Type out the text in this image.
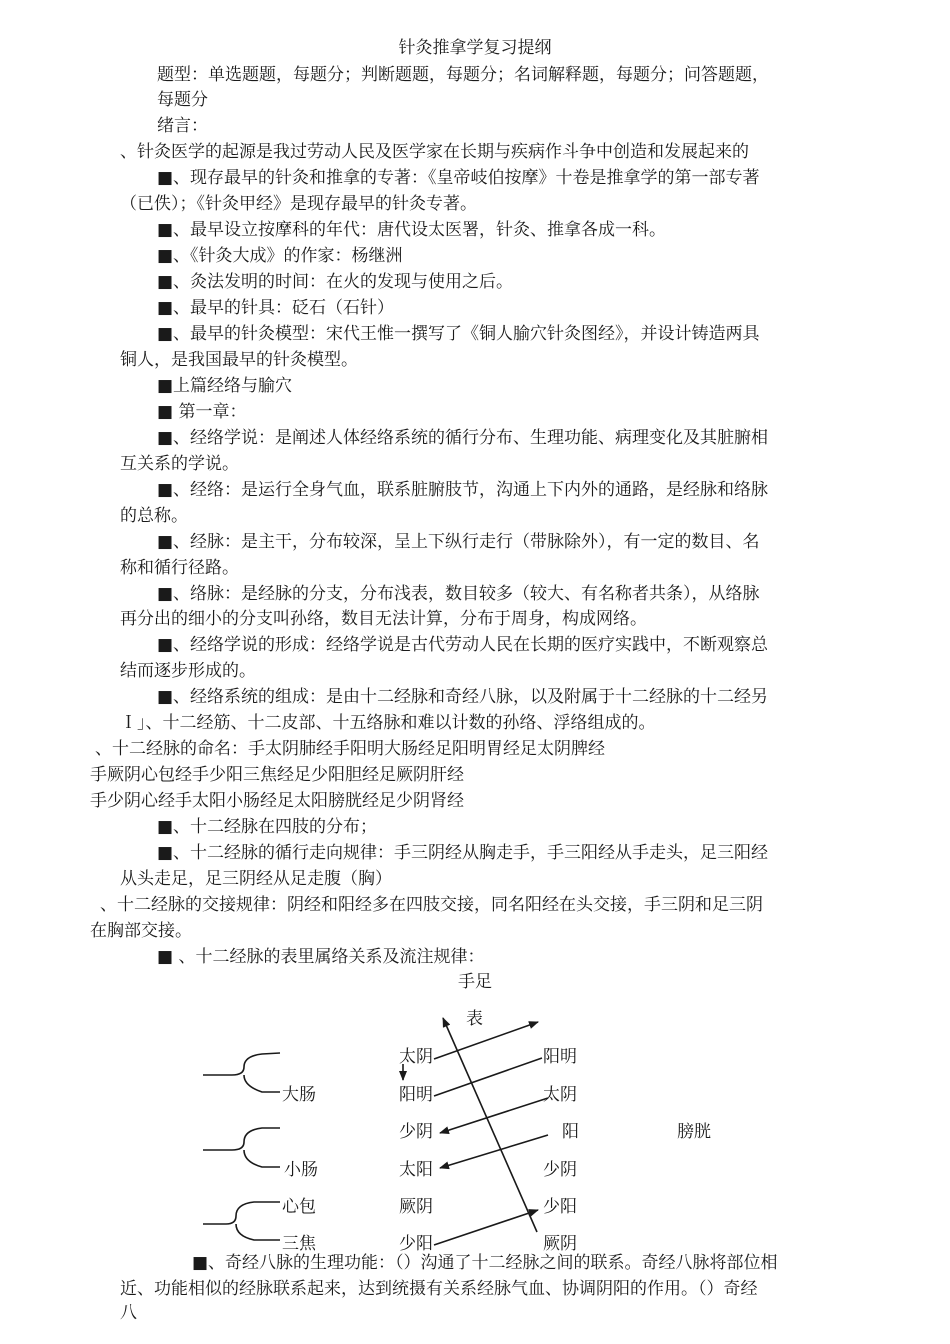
针灸推拿学复习提纲
题型：单选题题，每题分；判断题题，每题分；名词解释题，每题分；问答题题，
每题分
绪言：
、针灸医学的起源是我过劳动人民及医学家在长期与疾病作斗争中创造和发展起来的
■、现存最早的针灸和推拿的专著：《皇帝岐伯按摩》十卷是推拿学的第一部专著
（已佚）；《针灸甲经》是现存最早的针灸专著。
■、最早设立按摩科的年代：唐代设太医署，针灸、推拿各成一科。
■、《针灸大成》的作家：杨继洲
■、灸法发明的时间：在火的发现与使用之后。
■、最早的针具：砭石（石针）
■、最早的针灸模型：宋代王惟一撰写了《铜人腧穴针灸图经》，并设计铸造两具
铜人，是我国最早的针灸模型。
■上篇经络与腧穴
■ 第一章：
■、经络学说：是阐述人体经络系统的循行分布、生理功能、病理变化及其脏腑相
互关系的学说。
■、经络：是运行全身气血，联系脏腑肢节，沟通上下内外的通路，是经脉和络脉
的总称。
■、经脉：是主干，分布较深，呈上下纵行走行（带脉除外），有一定的数目、名
称和循行径路。
■、络脉：是经脉的分支，分布浅表，数目较多（较大、有名称者共条），从络脉
再分出的细小的分支叫孙络，数目无法计算，分布于周身，构成网络。
■、经络学说的形成：经络学说是古代劳动人民在长期的医疗实践中，不断观察总
结而逐步形成的。
■、经络系统的组成：是由十二经脉和奇经八脉，以及附属于十二经脉的十二经另
Ｉ」、十二经筋、十二皮部、十五络脉和难以计数的孙络、浮络组成的。
、十二经脉的命名：手太阴肺经手阳明大肠经足阳明胃经足太阴脾经
手厥阴心包经手少阳三焦经足少阳胆经足厥阴肝经
手少阴心经手太阳小肠经足太阳膀胱经足少阴肾经
■、十二经脉在四肢的分布；
■、十二经脉的循行走向规律：手三阴经从胸走手，手三阳经从手走头，足三阳经
从头走足，足三阴经从足走腹（胸）
、十二经脉的交接规律：阴经和阳经多在四肢交接，同名阳经在头交接，手三阴和足三阴
在胸部交接。
■ 、十二经脉的表里属络关系及流注规律：
手足
表
太阴
阳明
少阴
太阳
厥阴
少阳
阳明
太阴
阳
少阴
少阳
厥阴
膀胱
大肠
小肠
心包
三焦
■、奇经八脉的生理功能：（）沟通了十二经脉之间的联系。奇经八脉将部位相
近、功能相似的经脉联系起来，达到统摄有关系经脉气血、协调阴阳的作用。（）奇经
八
